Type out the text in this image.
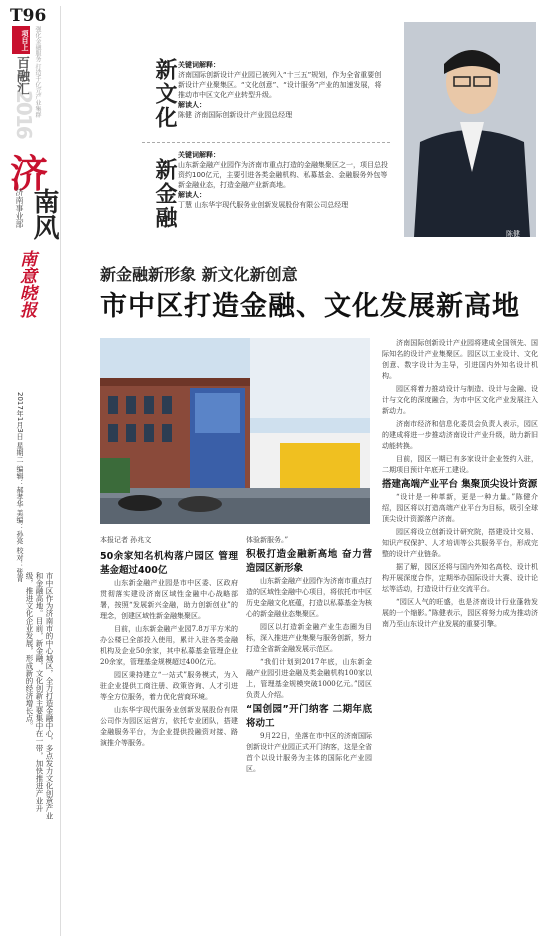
T96
项目上 强化金融服务 打造千亿元产业集群
百融汇
2016
济
济南事业部 南风
南意晓报
2017年1月3日 星期二 编辑：郝孝华 美编：孙亮 校对：张青
市中区作为济南市的中心城区，全力打造金融中心，多点发力文化创意产业和金融高地。目前，新金融，文化创新主要集中在一带，加快推进产业升级，推进文化企业发展，形成新的经济增长点。
新文化 关键词解释：
济南国际创新设计产业园已被列入“十三五”规划，作为全省重要创新设计产业聚集区。“文化创意”、“设计服务”产业的加速发展，将推动市中区文化产业转型升级。
解读人：
陈健 济南国际创新设计产业园总经理
新金融
关键词解释：
山东新金融产业园作为济南市重点打造的金融集聚区之一，项目总投资约100亿元，主要引进各类金融机构、私募基金、金融服务外包等新金融业态，打造金融产业新高地。
解读人：
丁慧 山东华宇现代服务业创新发展股份有限公司总经理
陈健
新金融新形象 新文化新创意
市中区打造金融、文化发展新高地
本报记者 孙兆文
50余家知名机构落户园区 管理基金超过400亿

山东新金融产业园是市中区委、区政府贯彻落实建设济南区域性金融中心战略部署，按照“发展新兴金融，助力创新创业”的理念，创建区域性新金融集聚区。

目前，山东新金融产业园7.8万平方米的办公楼已全部投入使用，累计入驻各类金融机构及企业50余家，其中私募基金管理企业20余家，管理基金规模超过400亿元。

园区秉持建立“一站式”服务模式，为入驻企业提供工商注册、政策咨询、人才引进等全方位服务，着力优化营商环境。

山东华宇现代服务业创新发展股份有限公司作为园区运营方，依托专业团队，搭建金融服务平台，为企业提供投融资对接、路演推介等服务。

体验新服务。”

积极打造金融新高地 奋力营造园区新形象

山东新金融产业园作为济南市重点打造的区域性金融中心项目，将依托市中区历史金融文化底蕴，打造以私募基金为核心的新金融业态集聚区。

园区以打造新金融产业生态圈为目标，深入推进产业集聚与服务创新，努力打造全省新金融发展示范区。

“我们计划到2017年底，山东新金融产业园引进金融及类金融机构100家以上，管理基金规模突破1000亿元。”园区负责人介绍。

“国创园”开门纳客 二期年底将动工

9月22日，坐落在市中区的济南国际创新设计产业园正式开门纳客，这是全省首个以设计服务为主体的国际化产业园区。

济南国际创新设计产业园将建成全国领先、国际知名的设计产业集聚区。园区以工业设计、文化创意、数字设计为主导，引进国内外知名设计机构。

园区将着力推动设计与制造、设计与金融、设计与文化的深度融合，为市中区文化产业发展注入新动力。

济南市经济和信息化委员会负责人表示，园区的建成将进一步推动济南设计产业升级，助力新旧动能转换。

目前，园区一期已有多家设计企业签约入驻，二期项目预计年底开工建设。

搭建高端产业平台 集聚顶尖设计资源

“设计是一种革新，更是一种力量。”陈健介绍，园区将以打造高端产业平台为目标，吸引全球顶尖设计资源落户济南。

园区将设立创新设计研究院，搭建设计交易、知识产权保护、人才培训等公共服务平台，形成完整的设计产业链条。

据了解，园区还将与国内外知名高校、设计机构开展深度合作，定期举办国际设计大赛、设计论坛等活动，打造设计行业交流平台。

“园区人气的旺盛，也是济南设计行业蓬勃发展的一个缩影。”陈健表示，园区将努力成为推动济南乃至山东设计产业发展的重要引擎。
